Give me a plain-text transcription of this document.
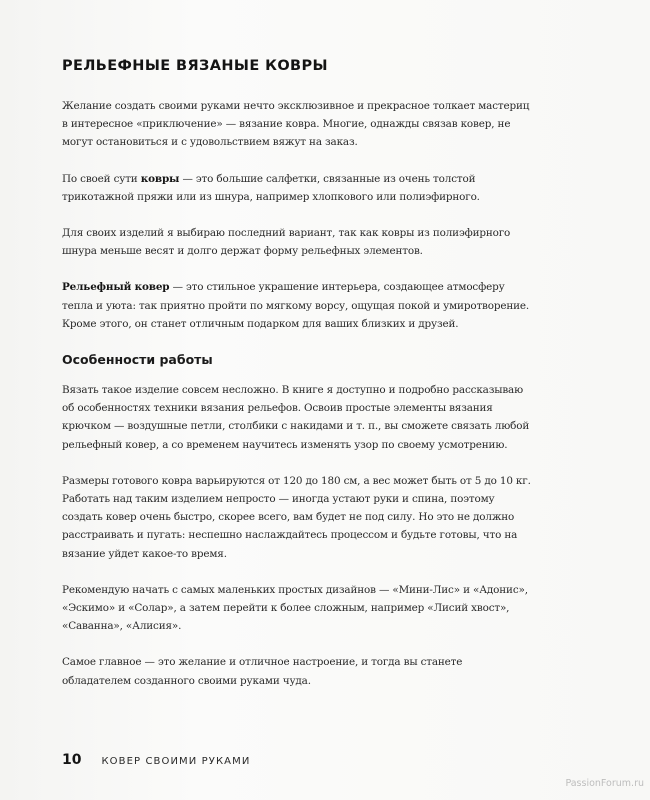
РЕЛЬЕФНЫЕ ВЯЗАНЫЕ КОВРЫ

Желание создать своими руками нечто эксклюзивное и прекрасное толкает мастериц в интересное «приключение» — вязание ковра. Многие, однажды связав ковер, не могут остановиться и с удовольствием вяжут на заказ.

По своей сути ковры — это большие салфетки, связанные из очень толстой трикотажной пряжи или из шнура, например хлопкового или полиэфирного.

Для своих изделий я выбираю последний вариант, так как ковры из полиэфирного шнура меньше весят и долго держат форму рельефных элементов.

Рельефный ковер — это стильное украшение интерьера, создающее атмосферу тепла и уюта: так приятно пройти по мягкому ворсу, ощущая покой и умиротворение. Кроме этого, он станет отличным подарком для ваших близких и друзей.

Особенности работы

Вязать такое изделие совсем несложно. В книге я доступно и подробно рассказываю об особенностях техники вязания рельефов. Освоив простые элементы вязания крючком — воздушные петли, столбики с накидами и т. п., вы сможете связать любой рельефный ковер, а со временем научитесь изменять узор по своему усмотрению.

Размеры готового ковра варьируются от 120 до 180 см, а вес может быть от 5 до 10 кг. Работать над таким изделием непросто — иногда устают руки и спина, поэтому создать ковер очень быстро, скорее всего, вам будет не под силу. Но это не должно расстраивать и пугать: неспешно наслаждайтесь процессом и будьте готовы, что на вязание уйдет какое-то время.

Рекомендую начать с самых маленьких простых дизайнов — «Мини-Лис» и «Адонис», «Эскимо» и «Солар», а затем перейти к более сложным, например «Лисий хвост», «Саванна», «Алисия».

Самое главное — это желание и отличное настроение, и тогда вы станете обладателем созданного своими руками чуда.

10 КОВЕР СВОИМИ РУКАМИ
PassionForum.ru
